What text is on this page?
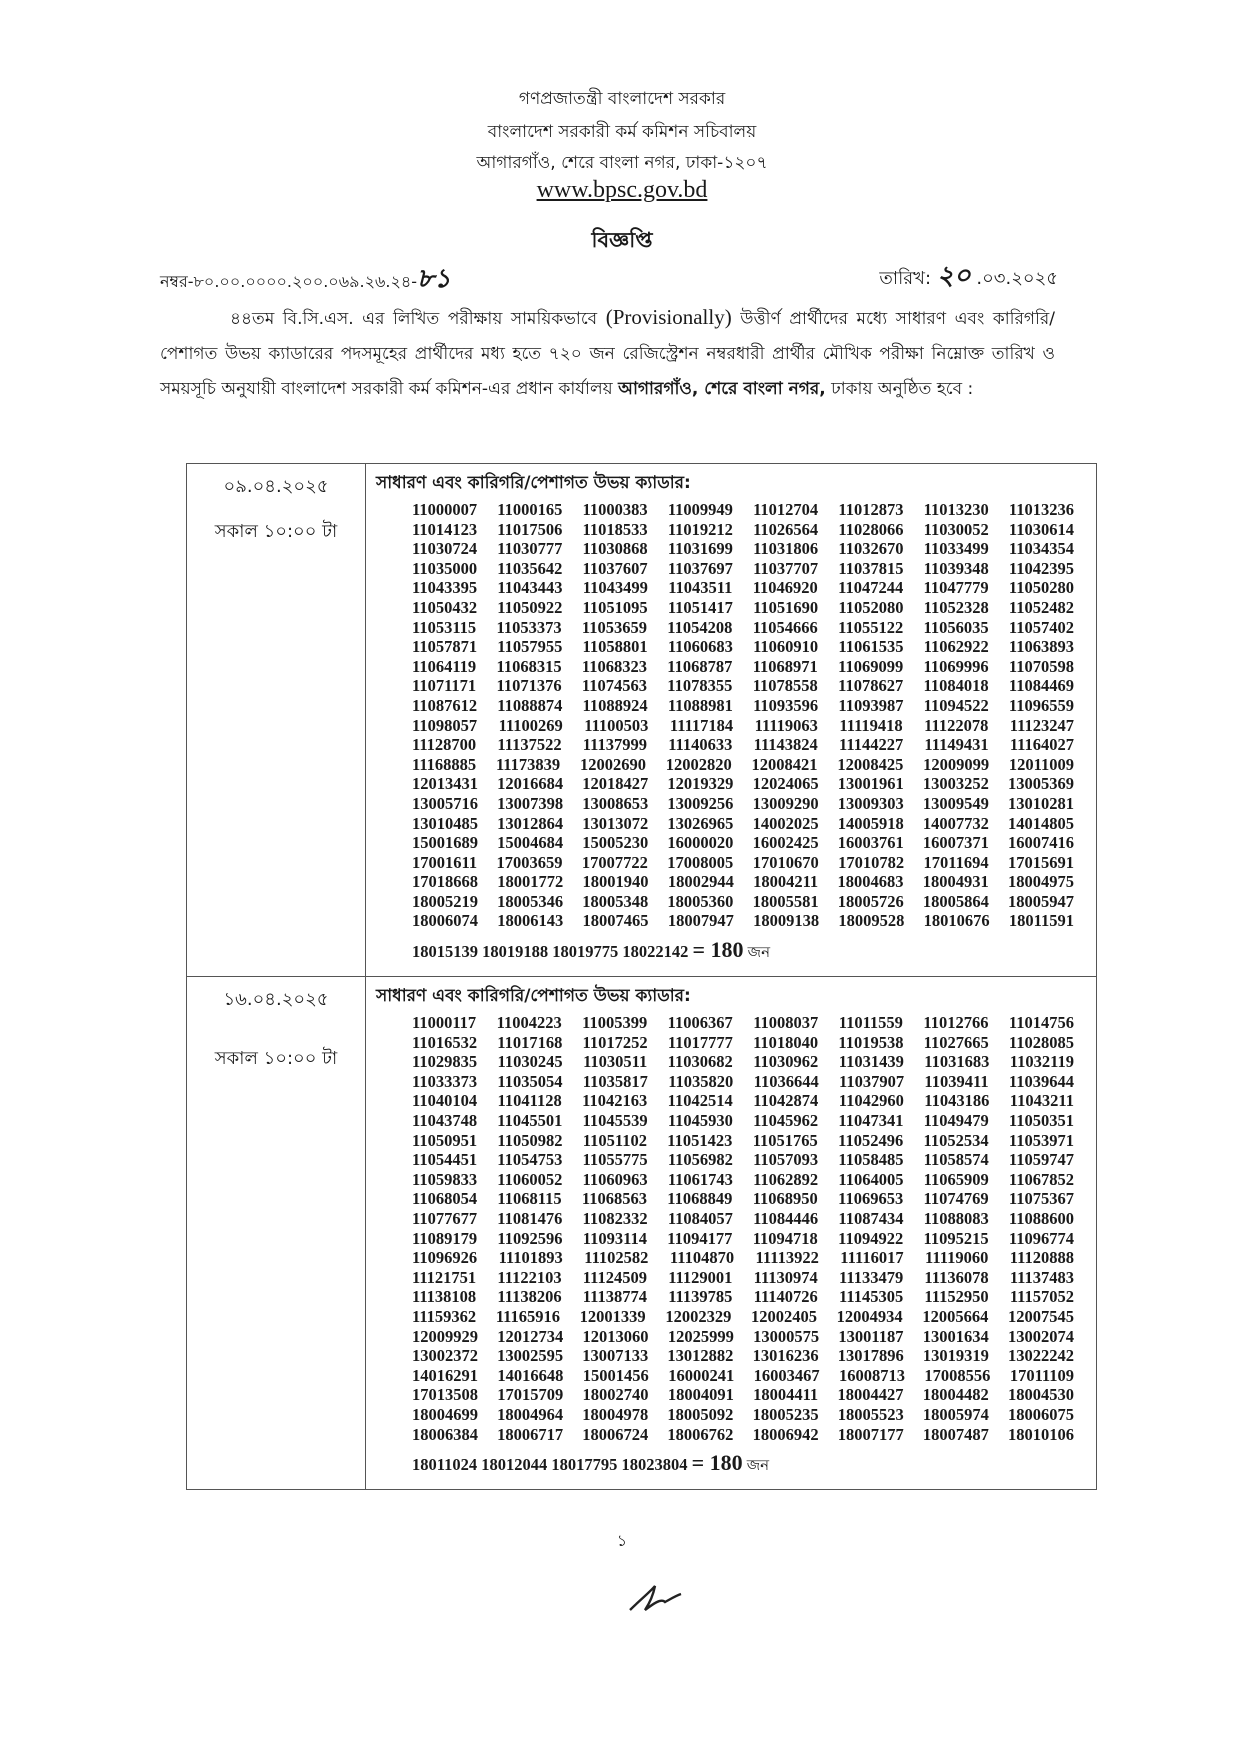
গণপ্রজাতন্ত্রী বাংলাদেশ সরকার
বাংলাদেশ সরকারী কর্ম কমিশন সচিবালয়
আগারগাঁও, শেরে বাংলা নগর, ঢাকা-১২০৭
www.bpsc.gov.bd
বিজ্ঞপ্তি
নম্বর-৮০.০০.০০০০.২০০.০৬৯.২৬.২৪-৮১	তারিখ: ২০ .০৩.২০২৫
৪৪তম বি.সি.এস. এর লিখিত পরীক্ষায় সাময়িকভাবে (Provisionally) উত্তীর্ণ প্রার্থীদের মধ্যে সাধারণ এবং কারিগরি/পেশাগত উভয় ক্যাডারের পদসমূহের প্রার্থীদের মধ্য হতে ৭২০ জন রেজিস্ট্রেশন নম্বরধারী প্রার্থীর মৌখিক পরীক্ষা নিম্নোক্ত তারিখ ও সময়সূচি অনুযায়ী বাংলাদেশ সরকারী কর্ম কমিশন-এর প্রধান কার্যালয় আগারগাঁও, শেরে বাংলা নগর, ঢাকায় অনুষ্ঠিত হবে :
০৯.০৪.২০২৫
সকাল ১০:০০ টা
সাধারণ এবং কারিগরি/পেশাগত উভয় ক্যাডার:
11000007 11000165 11000383 11009949 11012704 11012873 11013230 11013236
11014123 11017506 11018533 11019212 11026564 11028066 11030052 11030614
11030724 11030777 11030868 11031699 11031806 11032670 11033499 11034354
11035000 11035642 11037607 11037697 11037707 11037815 11039348 11042395
11043395 11043443 11043499 11043511 11046920 11047244 11047779 11050280
11050432 11050922 11051095 11051417 11051690 11052080 11052328 11052482
11053115 11053373 11053659 11054208 11054666 11055122 11056035 11057402
11057871 11057955 11058801 11060683 11060910 11061535 11062922 11063893
11064119 11068315 11068323 11068787 11068971 11069099 11069996 11070598
11071171 11071376 11074563 11078355 11078558 11078627 11084018 11084469
11087612 11088874 11088924 11088981 11093596 11093987 11094522 11096559
11098057 11100269 11100503 11117184 11119063 11119418 11122078 11123247
11128700 11137522 11137999 11140633 11143824 11144227 11149431 11164027
11168885 11173839 12002690 12002820 12008421 12008425 12009099 12011009
12013431 12016684 12018427 12019329 12024065 13001961 13003252 13005369
13005716 13007398 13008653 13009256 13009290 13009303 13009549 13010281
13010485 13012864 13013072 13026965 14002025 14005918 14007732 14014805
15001689 15004684 15005230 16000020 16002425 16003761 16007371 16007416
17001611 17003659 17007722 17008005 17010670 17010782 17011694 17015691
17018668 18001772 18001940 18002944 18004211 18004683 18004931 18004975
18005219 18005346 18005348 18005360 18005581 18005726 18005864 18005947
18006074 18006143 18007465 18007947 18009138 18009528 18010676 18011591
18015139 18019188 18019775 18022142 = 180 জন
১৬.০৪.২০২৫
সকাল ১০:০০ টা
সাধারণ এবং কারিগরি/পেশাগত উভয় ক্যাডার:
11000117 11004223 11005399 11006367 11008037 11011559 11012766 11014756
11016532 11017168 11017252 11017777 11018040 11019538 11027665 11028085
11029835 11030245 11030511 11030682 11030962 11031439 11031683 11032119
11033373 11035054 11035817 11035820 11036644 11037907 11039411 11039644
11040104 11041128 11042163 11042514 11042874 11042960 11043186 11043211
11043748 11045501 11045539 11045930 11045962 11047341 11049479 11050351
11050951 11050982 11051102 11051423 11051765 11052496 11052534 11053971
11054451 11054753 11055775 11056982 11057093 11058485 11058574 11059747
11059833 11060052 11060963 11061743 11062892 11064005 11065909 11067852
11068054 11068115 11068563 11068849 11068950 11069653 11074769 11075367
11077677 11081476 11082332 11084057 11084446 11087434 11088083 11088600
11089179 11092596 11093114 11094177 11094718 11094922 11095215 11096774
11096926 11101893 11102582 11104870 11113922 11116017 11119060 11120888
11121751 11122103 11124509 11129001 11130974 11133479 11136078 11137483
11138108 11138206 11138774 11139785 11140726 11145305 11152950 11157052
11159362 11165916 12001339 12002329 12002405 12004934 12005664 12007545
12009929 12012734 12013060 12025999 13000575 13001187 13001634 13002074
13002372 13002595 13007133 13012882 13016236 13017896 13019319 13022242
14016291 14016648 15001456 16000241 16003467 16008713 17008556 17011109
17013508 17015709 18002740 18004091 18004411 18004427 18004482 18004530
18004699 18004964 18004978 18005092 18005235 18005523 18005974 18006075
18006384 18006717 18006724 18006762 18006942 18007177 18007487 18010106
18011024 18012044 18017795 18023804 = 180 জন
১
